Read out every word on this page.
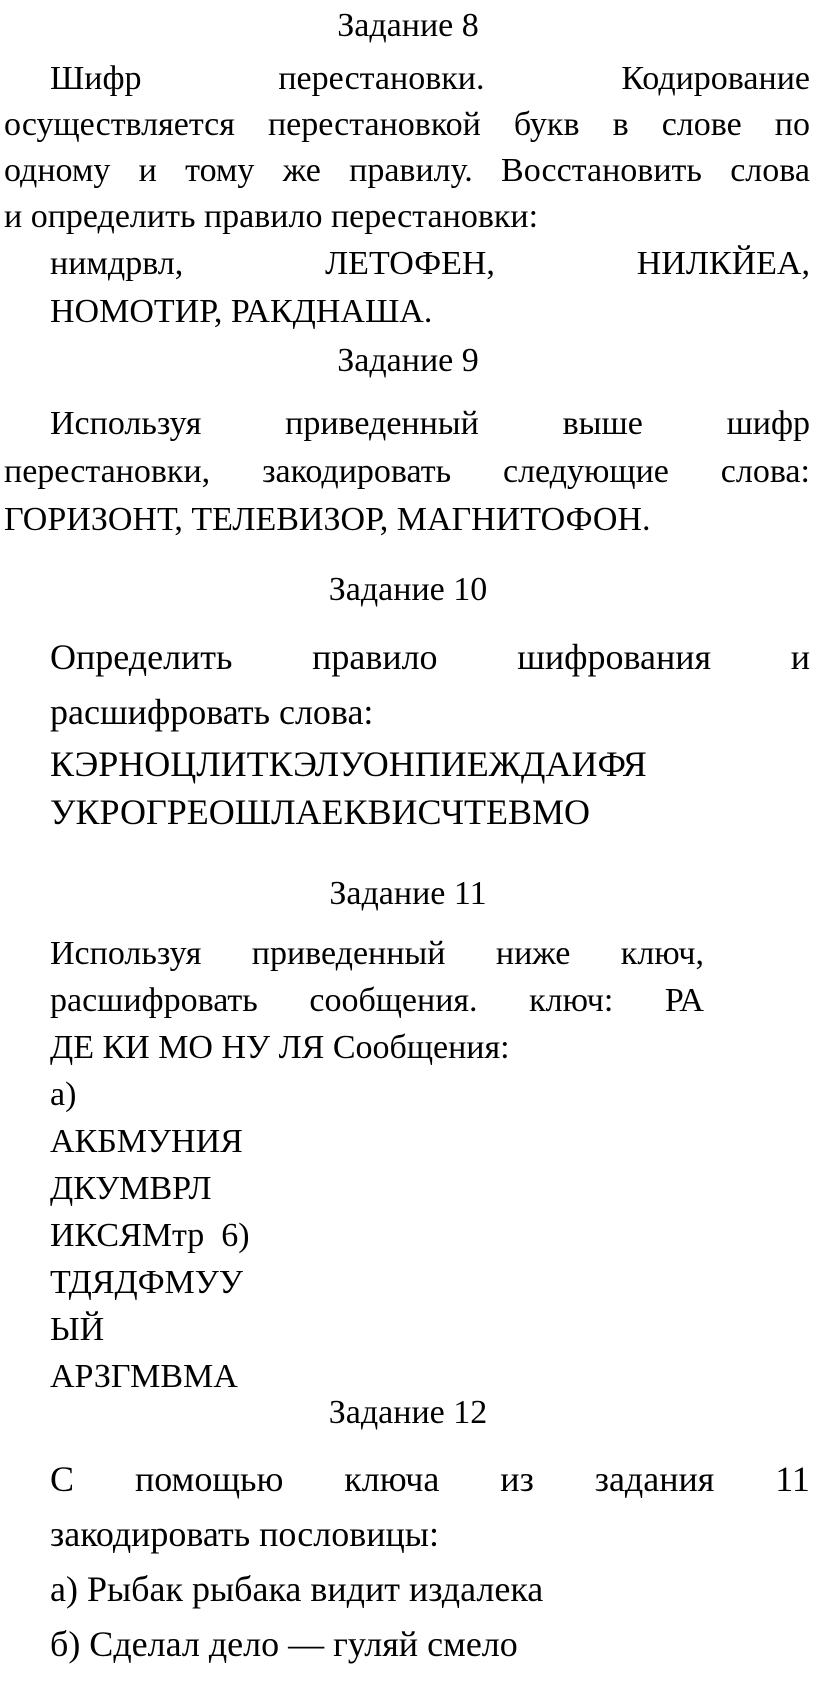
Задание 8
Шифр	перестановки.	Кодирование
осуществляется перестановкой букв в слове по
одному и тому же правилу. Восстановить слова
и определить правило перестановки:
нимдрвл,	ЛЕТОФЕН,	НИЛКЙЕА,
НОМОТИР, РАКДНАША.
Задание 9
Используя приведенный выше шифр
перестановки, закодировать следующие слова:
ГОРИЗОНТ, ТЕЛЕВИЗОР, МАГНИТОФОН.
Задание 10
Определить правило шифрования и
расшифровать слова:
КЭРНОЦЛИТКЭЛУОНПИЕЖДАИФЯ
УКРОГРЕОШЛАЕКВИСЧТЕВМО
Задание 11
Используя приведенный ниже ключ,
расшифровать сообщения. ключ: РА
ДЕ КИ МО НУ ЛЯ Сообщения:
а)
АКБМУНИЯ
ДКУМВРЛ
ИКСЯМтр  6)
ТДЯДФМУУ
ЫЙ
АРЗГМВМА
Задание 12
С помощью ключа из задания 11
закодировать пословицы:
а) Рыбак рыбака видит издалека
б) Сделал дело — гуляй смело
